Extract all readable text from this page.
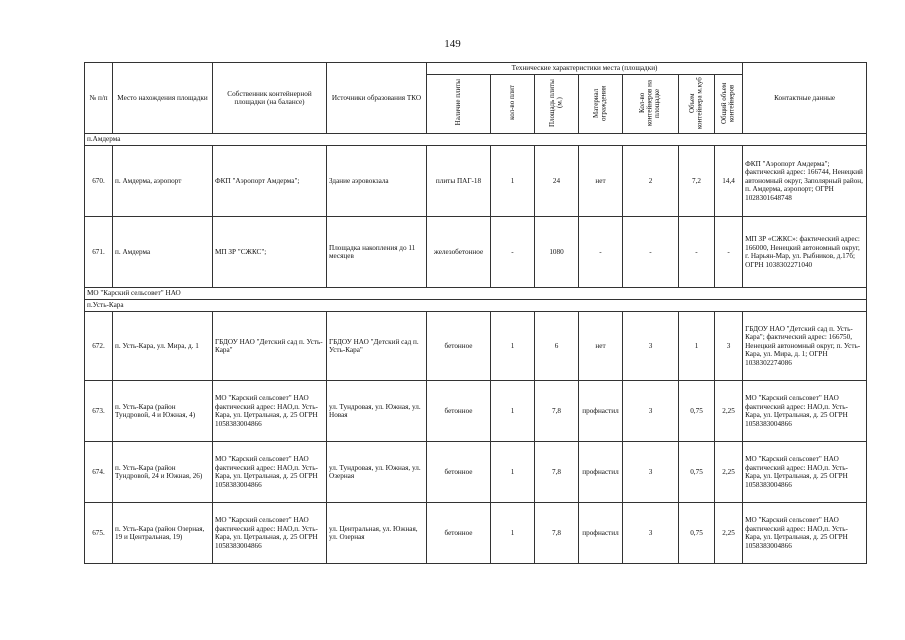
149
№ п/п	Место нахождения площадки	Собственник контейнерной площадки (на балансе)	Источники образования ТКО	Технические характеристики места (площадки)							Контактные данные
				Наличие плиты	кол-во плит	Площадь плиты (м.)	Материал ограждения	Кол-во контейнеров на площадке	Объем контейнера м.куб	Общий объем контейнеров	
п.Амдерма											
670.	п. Амдерма, аэропорт	ФКП "Аэропорт Амдерма";	Здание аэровокзала	плиты ПАГ-18	1	24	нет	2	7,2	14,4	ФКП "Аэропорт Амдерма"; фактический адрес: 166744, Ненецкий автономный округ, Заполярный район, п. Амдерма, аэропорт; ОГРН 1028301648748
671.	п. Амдерма	МП ЗР "СЖКС";	Площадка накопления до 11 месяцев	железобетонное	-	1080	-	-	-	-	МП ЗР «СЖКС»: фактический адрес: 166000, Ненецкий автономный округ, г. Нарьян-Мар, ул. Рыбников, д.17б; ОГРН 1038302271040
МО "Карский сельсовет" НАО											
п.Усть-Кара											
672.	п. Усть-Кара, ул. Мира, д. 1	ГБДОУ НАО "Детский сад п. Усть-Кара"	ГБДОУ НАО "Детский сад п. Усть-Кара"	бетонное	1	6	нет	3	1	3	ГБДОУ НАО "Детский сад п. Усть-Кара"; фактический адрес: 166750, Ненецкий автономный округ, п. Усть-Кара, ул. Мира, д. 1; ОГРН 1038302274086
673.	п. Усть-Кара (район Тундровой, 4 и Южная, 4)	МО "Карский сельсовет" НАО фактический адрес: НАО,п. Усть-Кара, ул. Цетральная, д. 25 ОГРН 1058383004866	ул. Тундровая, ул. Южная, ул. Новая	бетонное	1	7,8	профнастил	3	0,75	2,25	МО "Карский сельсовет" НАО фактический адрес: НАО,п. Усть-Кара, ул. Цетральная, д. 25 ОГРН 1058383004866
674.	п. Усть-Кара (район Тундровой, 24 и Южная, 26)	МО "Карский сельсовет" НАО фактический адрес: НАО,п. Усть-Кара, ул. Цетральная, д. 25 ОГРН 1058383004866	ул. Тундровая, ул. Южная, ул. Озерная	бетонное	1	7,8	профнастил	3	0,75	2,25	МО "Карский сельсовет" НАО фактический адрес: НАО,п. Усть-Кара, ул. Цетральная, д. 25 ОГРН 1058383004866
675.	п. Усть-Кара (район Озерная, 19 и Центральная, 19)	МО "Карский сельсовет" НАО фактический адрес: НАО,п. Усть-Кара, ул. Цетральная, д. 25 ОГРН 1058383004866	ул. Центральная, ул. Южная, ул. Озерная	бетонное	1	7,8	профнастил	3	0,75	2,25	МО "Карский сельсовет" НАО фактический адрес: НАО,п. Усть-Кара, ул. Цетральная, д. 25 ОГРН 1058383004866
